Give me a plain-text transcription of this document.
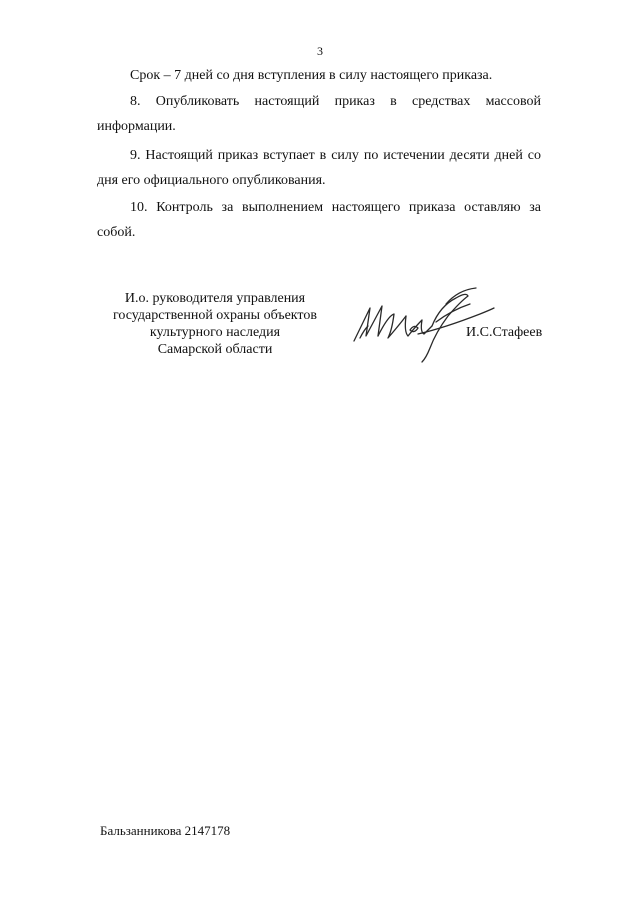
3

Срок – 7 дней со дня вступления в силу настоящего приказа.

8. Опубликовать настоящий приказ в средствах массовой информации.

9. Настоящий приказ вступает в силу по истечении десяти дней со дня его официального опубликования.

10. Контроль за выполнением настоящего приказа оставляю за собой.

И.о. руководителя управления
государственной охраны объектов
культурного наследия
Самарской области
И.С.Стафеев
Бальзанникова 2147178
